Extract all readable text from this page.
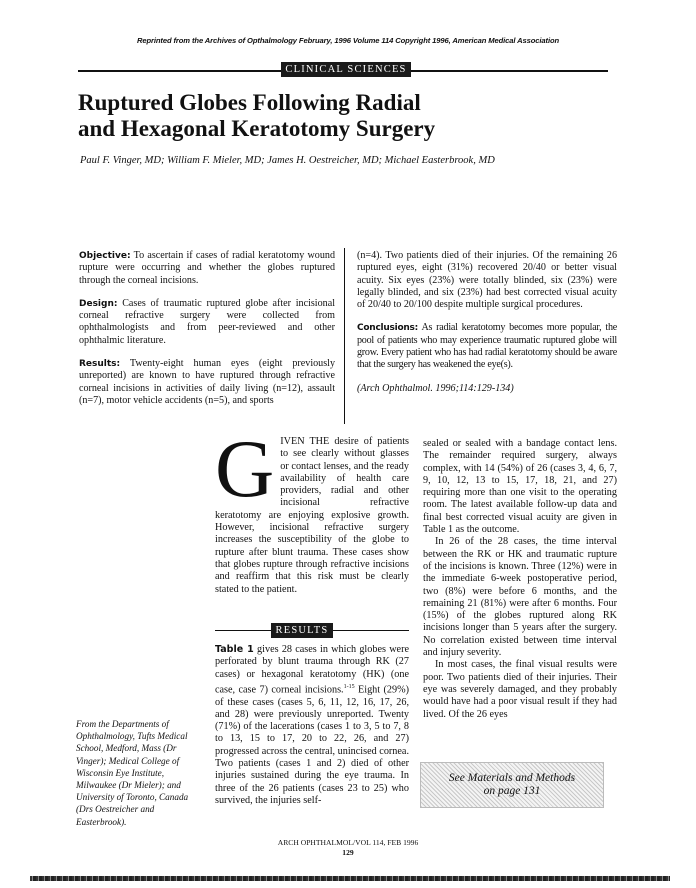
Reprinted from the Archives of Opthalmology February, 1996 Volume 114 Copyright 1996, American Medical Association
CLINICAL SCIENCES
Ruptured Globes Following Radial
and Hexagonal Keratotomy Surgery
Paul F. Vinger, MD; William F. Mieler, MD; James H. Oestreicher, MD; Michael Easterbrook, MD

Objective: To ascertain if cases of radial keratotomy wound rupture were occurring and whether the globes ruptured through the corneal incisions.

Design: Cases of traumatic ruptured globe after incisional corneal refractive surgery were collected from ophthalmologists and from peer-reviewed and other ophthalmic literature.

Results: Twenty-eight human eyes (eight previously unreported) are known to have ruptured through refractive corneal incisions in activities of daily living (n=12), assault (n=7), motor vehicle accidents (n=5), and sports

(n=4). Two patients died of their injuries. Of the remaining 26 ruptured eyes, eight (31%) recovered 20/40 or better visual acuity. Six eyes (23%) were totally blinded, six (23%) were legally blinded, and six (23%) had best corrected visual acuity of 20/40 to 20/100 despite multiple surgical procedures.

Conclusions: As radial keratotomy becomes more popular, the pool of patients who may experience traumatic ruptured globe will grow. Every patient who has had radial keratotomy should be aware that the surgery has weakened the eye(s).

(Arch Ophthalmol. 1996;114:129-134)

GIVEN THE desire of patients to see clearly without glasses or contact lenses, and the ready availability of health care providers, radial and other incisional refractive keratotomy are enjoying explosive growth. However, incisional refractive surgery increases the susceptibility of the globe to rupture after blunt trauma. These cases show that globes rupture through refractive incisions and reaffirm that this risk must be clearly stated to the patient.

RESULTS

Table 1 gives 28 cases in which globes were perforated by blunt trauma through RK (27 cases) or hexagonal keratotomy (HK) (one case, case 7) corneal incisions.$^{1-15}$ Eight (29%) of these cases (cases 5, 6, 11, 12, 16, 17, 26, and 28) were previously unreported. Twenty (71%) of the lacerations (cases 1 to 3, 5 to 7, 8 to 13, 15 to 17, 20 to 22, 26, and 27) progressed across the central, unincised cornea. Two patients (cases 1 and 2) died of other injuries sustained during the eye trauma. In three of the 26 patients (cases 23 to 25) who survived, the injuries self-

sealed or sealed with a bandage contact lens. The remainder required surgery, always complex, with 14 (54%) of 26 (cases 3, 4, 6, 7, 9, 10, 12, 13 to 15, 17, 18, 21, and 27) requiring more than one visit to the operating room. The latest available follow-up data and final best corrected visual acuity are given in Table 1 as the outcome.

In 26 of the 28 cases, the time interval between the RK or HK and traumatic rupture of the incisions is known. Three (12%) were in the immediate 6-week postoperative period, two (8%) were before 6 months, and the remaining 21 (81%) were after 6 months. Four (15%) of the globes ruptured along RK incisions longer than 5 years after the surgery. No correlation existed between time interval and injury severity.

In most cases, the final visual results were poor. Two patients died of their injuries. Their eye was severely damaged, and they probably would have had a poor visual result if they had lived. Of the 26 eyes

From the Departments of Ophthalmology, Tufts Medical School, Medford, Mass (Dr Vinger); Medical College of Wisconsin Eye Institute, Milwaukee (Dr Mieler); and University of Toronto, Canada (Drs Oestreicher and Easterbrook).
See Materials and Methods
on page 131
ARCH OPHTHALMOL/VOL 114, FEB 1996
129
